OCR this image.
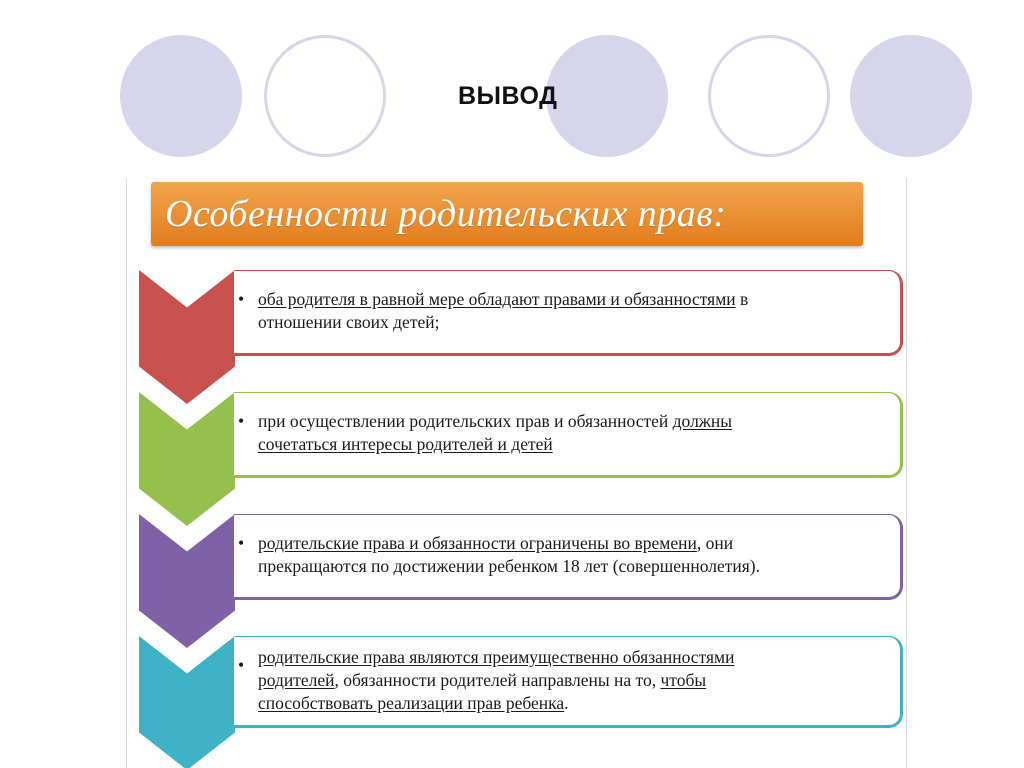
ВЫВОД

Особенности родительских прав:

• оба родителя в равной мере обладают правами и обязанностями в
отношении своих детей;

• при осуществлении родительских прав и обязанностей должны
сочетаться интересы родителей и детей

• родительские права и обязанности ограничены во времени, они
прекращаются по достижении ребенком 18 лет (совершеннолетия).

• родительские права являются преимущественно обязанностями
родителей, обязанности родителей направлены на то, чтобы
способствовать реализации прав ребенка.
